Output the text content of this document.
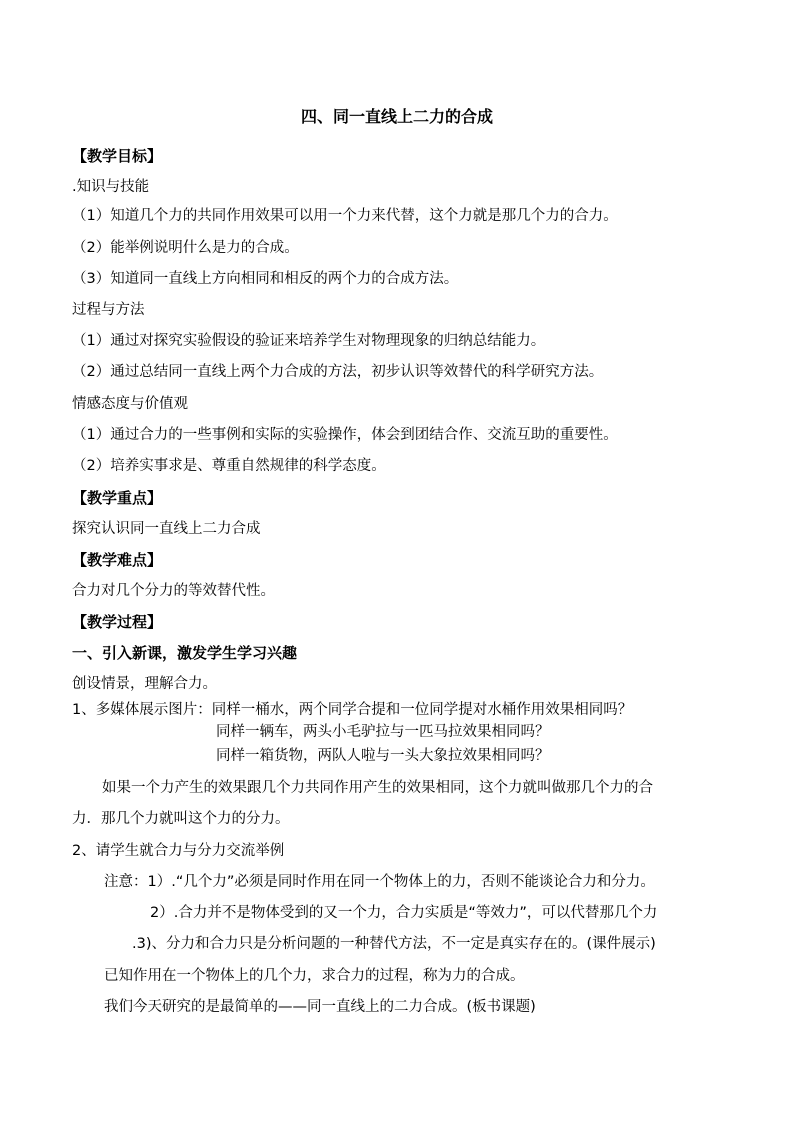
四、同一直线上二力的合成
【教学目标】
.知识与技能
（1）知道几个力的共同作用效果可以用一个力来代替，这个力就是那几个力的合力。
（2）能举例说明什么是力的合成。
（3）知道同一直线上方向相同和相反的两个力的合成方法。
过程与方法
（1）通过对探究实验假设的验证来培养学生对物理现象的归纳总结能力。
（2）通过总结同一直线上两个力合成的方法，初步认识等效替代的科学研究方法。
情感态度与价值观
（1）通过合力的一些事例和实际的实验操作，体会到团结合作、交流互助的重要性。
（2）培养实事求是、尊重自然规律的科学态度。
【教学重点】
探究认识同一直线上二力合成
【教学难点】
合力对几个分力的等效替代性。
【教学过程】
一、引入新课，激发学生学习兴趣
创设情景，理解合力。
1、多媒体展示图片：同样一桶水，两个同学合提和一位同学提对水桶作用效果相同吗？
同样一辆车，两头小毛驴拉与一匹马拉效果相同吗？
同样一箱货物，两队人啦与一头大象拉效果相同吗？
如果一个力产生的效果跟几个力共同作用产生的效果相同，这个力就叫做那几个力的合
力．那几个力就叫这个力的分力。
2、请学生就合力与分力交流举例
注意：1）.“几个力”必须是同时作用在同一个物体上的力，否则不能谈论合力和分力。
2）.合力并不是物体受到的又一个力，合力实质是“等效力”，可以代替那几个力
.3)、分力和合力只是分析问题的一种替代方法，不一定是真实存在的。(课件展示)
已知作用在一个物体上的几个力，求合力的过程，称为力的合成。
我们今天研究的是最简单的——同一直线上的二力合成。(板书课题)
